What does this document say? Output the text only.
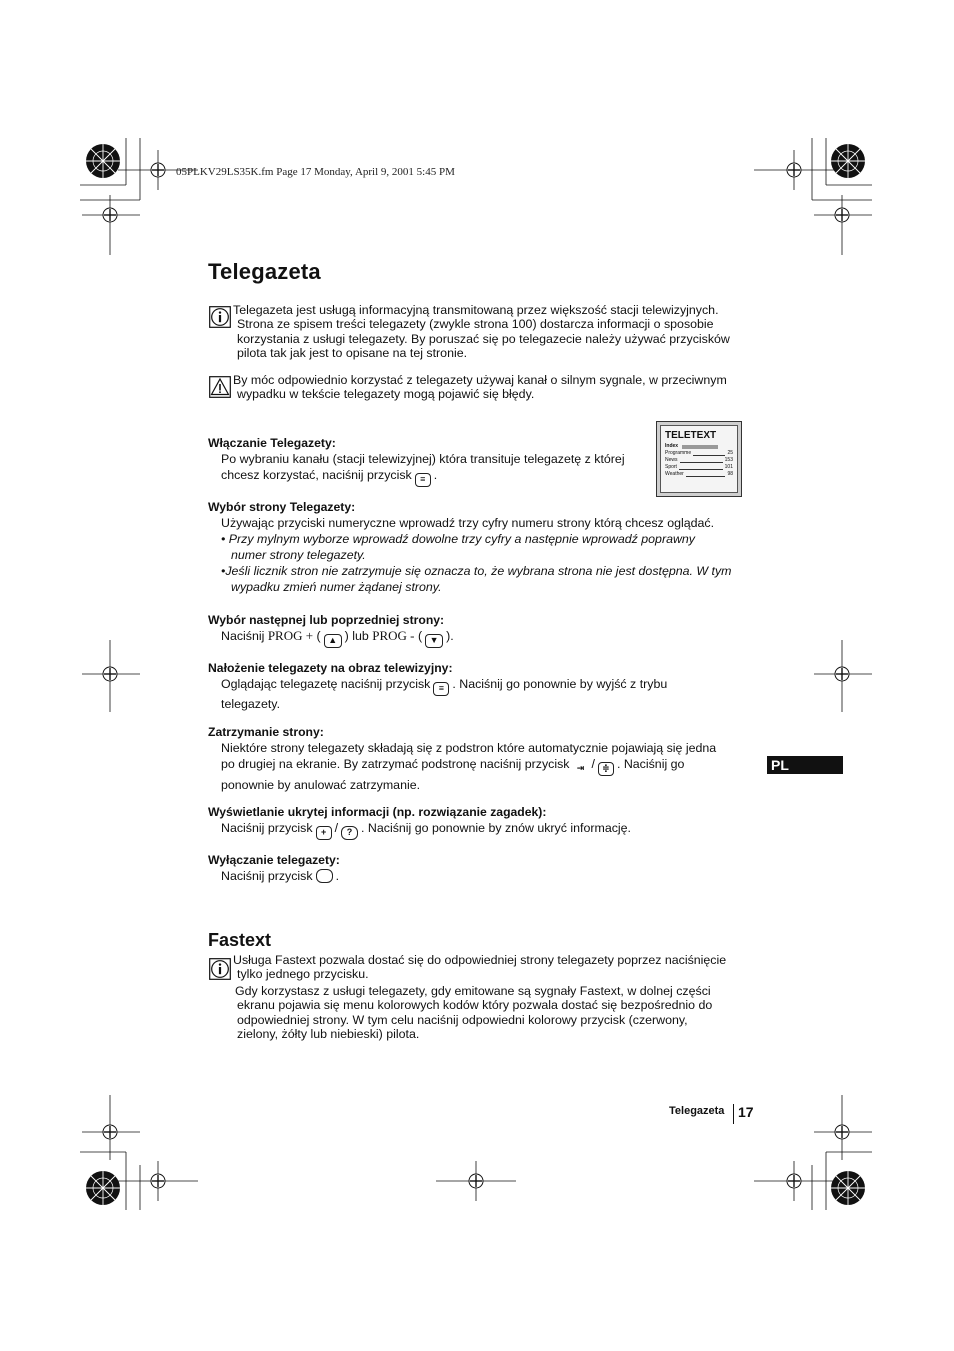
05PLKV29LS35K.fm Page 17 Monday, April 9, 2001 5:45 PM
Telegazeta

Telegazeta jest usługą informacyjną transmitowaną przez większość stacji telewizyjnych.

Strona ze spisem treści telegazety (zwykle strona 100) dostarcza informacji o sposobie

korzystania z usługi telegazety. By poruszać się po telegazecie należy używać przycisków

pilota tak jak jest to opisane na tej stronie.

By móc odpowiednio korzystać z telegazety używaj kanał o silnym sygnale, w przeciwnym

wypadku w tekście telegazety mogą pojawić się błędy.

TELETEXT
Index
Programme	25
News	153
Sport	101
Weather	98
Włączanie Telegazety:

Po wybraniu kanału (stacji telewizyjnej) która transituje telegazetę z której

chcesz korzystać, naciśnij przycisk ≡ .

Wybór strony Telegazety:

Używając przyciski numeryczne wprowadź trzy cyfry numeru strony którą chcesz oglądać.

• Przy mylnym wyborze wprowadź dowolne trzy cyfry a następnie wprowadź poprawny numer strony telegazety.

•Jeśli licznik stron nie zatrzymuje się oznacza to, że wybrana strona nie jest dostępna. W tym wypadku zmień numer żądanej strony.

Wybór następnej lub poprzedniej strony:

Naciśnij PROG + ( ▲ ) lub PROG - ( ▼ ).

Nałożenie telegazety na obraz telewizyjny:

Oglądając telegazetę naciśnij przycisk ≡ . Naciśnij go ponownie by wyjść z trybu

telegazety.

Zatrzymanie strony:

Niektóre strony telegazety składają się z podstron które automatycznie pojawiają się jedna

po drugiej na ekranie. By zatrzymać podstronę naciśnij przycisk ⇥ / ≑ . Naciśnij go

ponownie by anulować zatrzymanie.

Wyświetlanie ukrytej informacji (np. rozwiązanie zagadek):

Naciśnij przycisk + / ? . Naciśnij go ponownie by znów ukryć informację.

Wyłączanie telegazety:

Naciśnij przycisk .

Fastext

Usługa Fastext pozwala dostać się do odpowiedniej strony telegazety poprzez naciśnięcie

tylko jednego przycisku.

Gdy korzystasz z usługi telegazety, gdy emitowane są sygnały Fastext, w dolnej części

ekranu pojawia się menu kolorowych kodów który pozwala dostać się bezpośrednio do

odpowiedniej strony. W tym celu naciśnij odpowiedni kolorowy przycisk (czerwony,

zielony, żółty lub niebieski) pilota.

PL
Telegazeta 17
